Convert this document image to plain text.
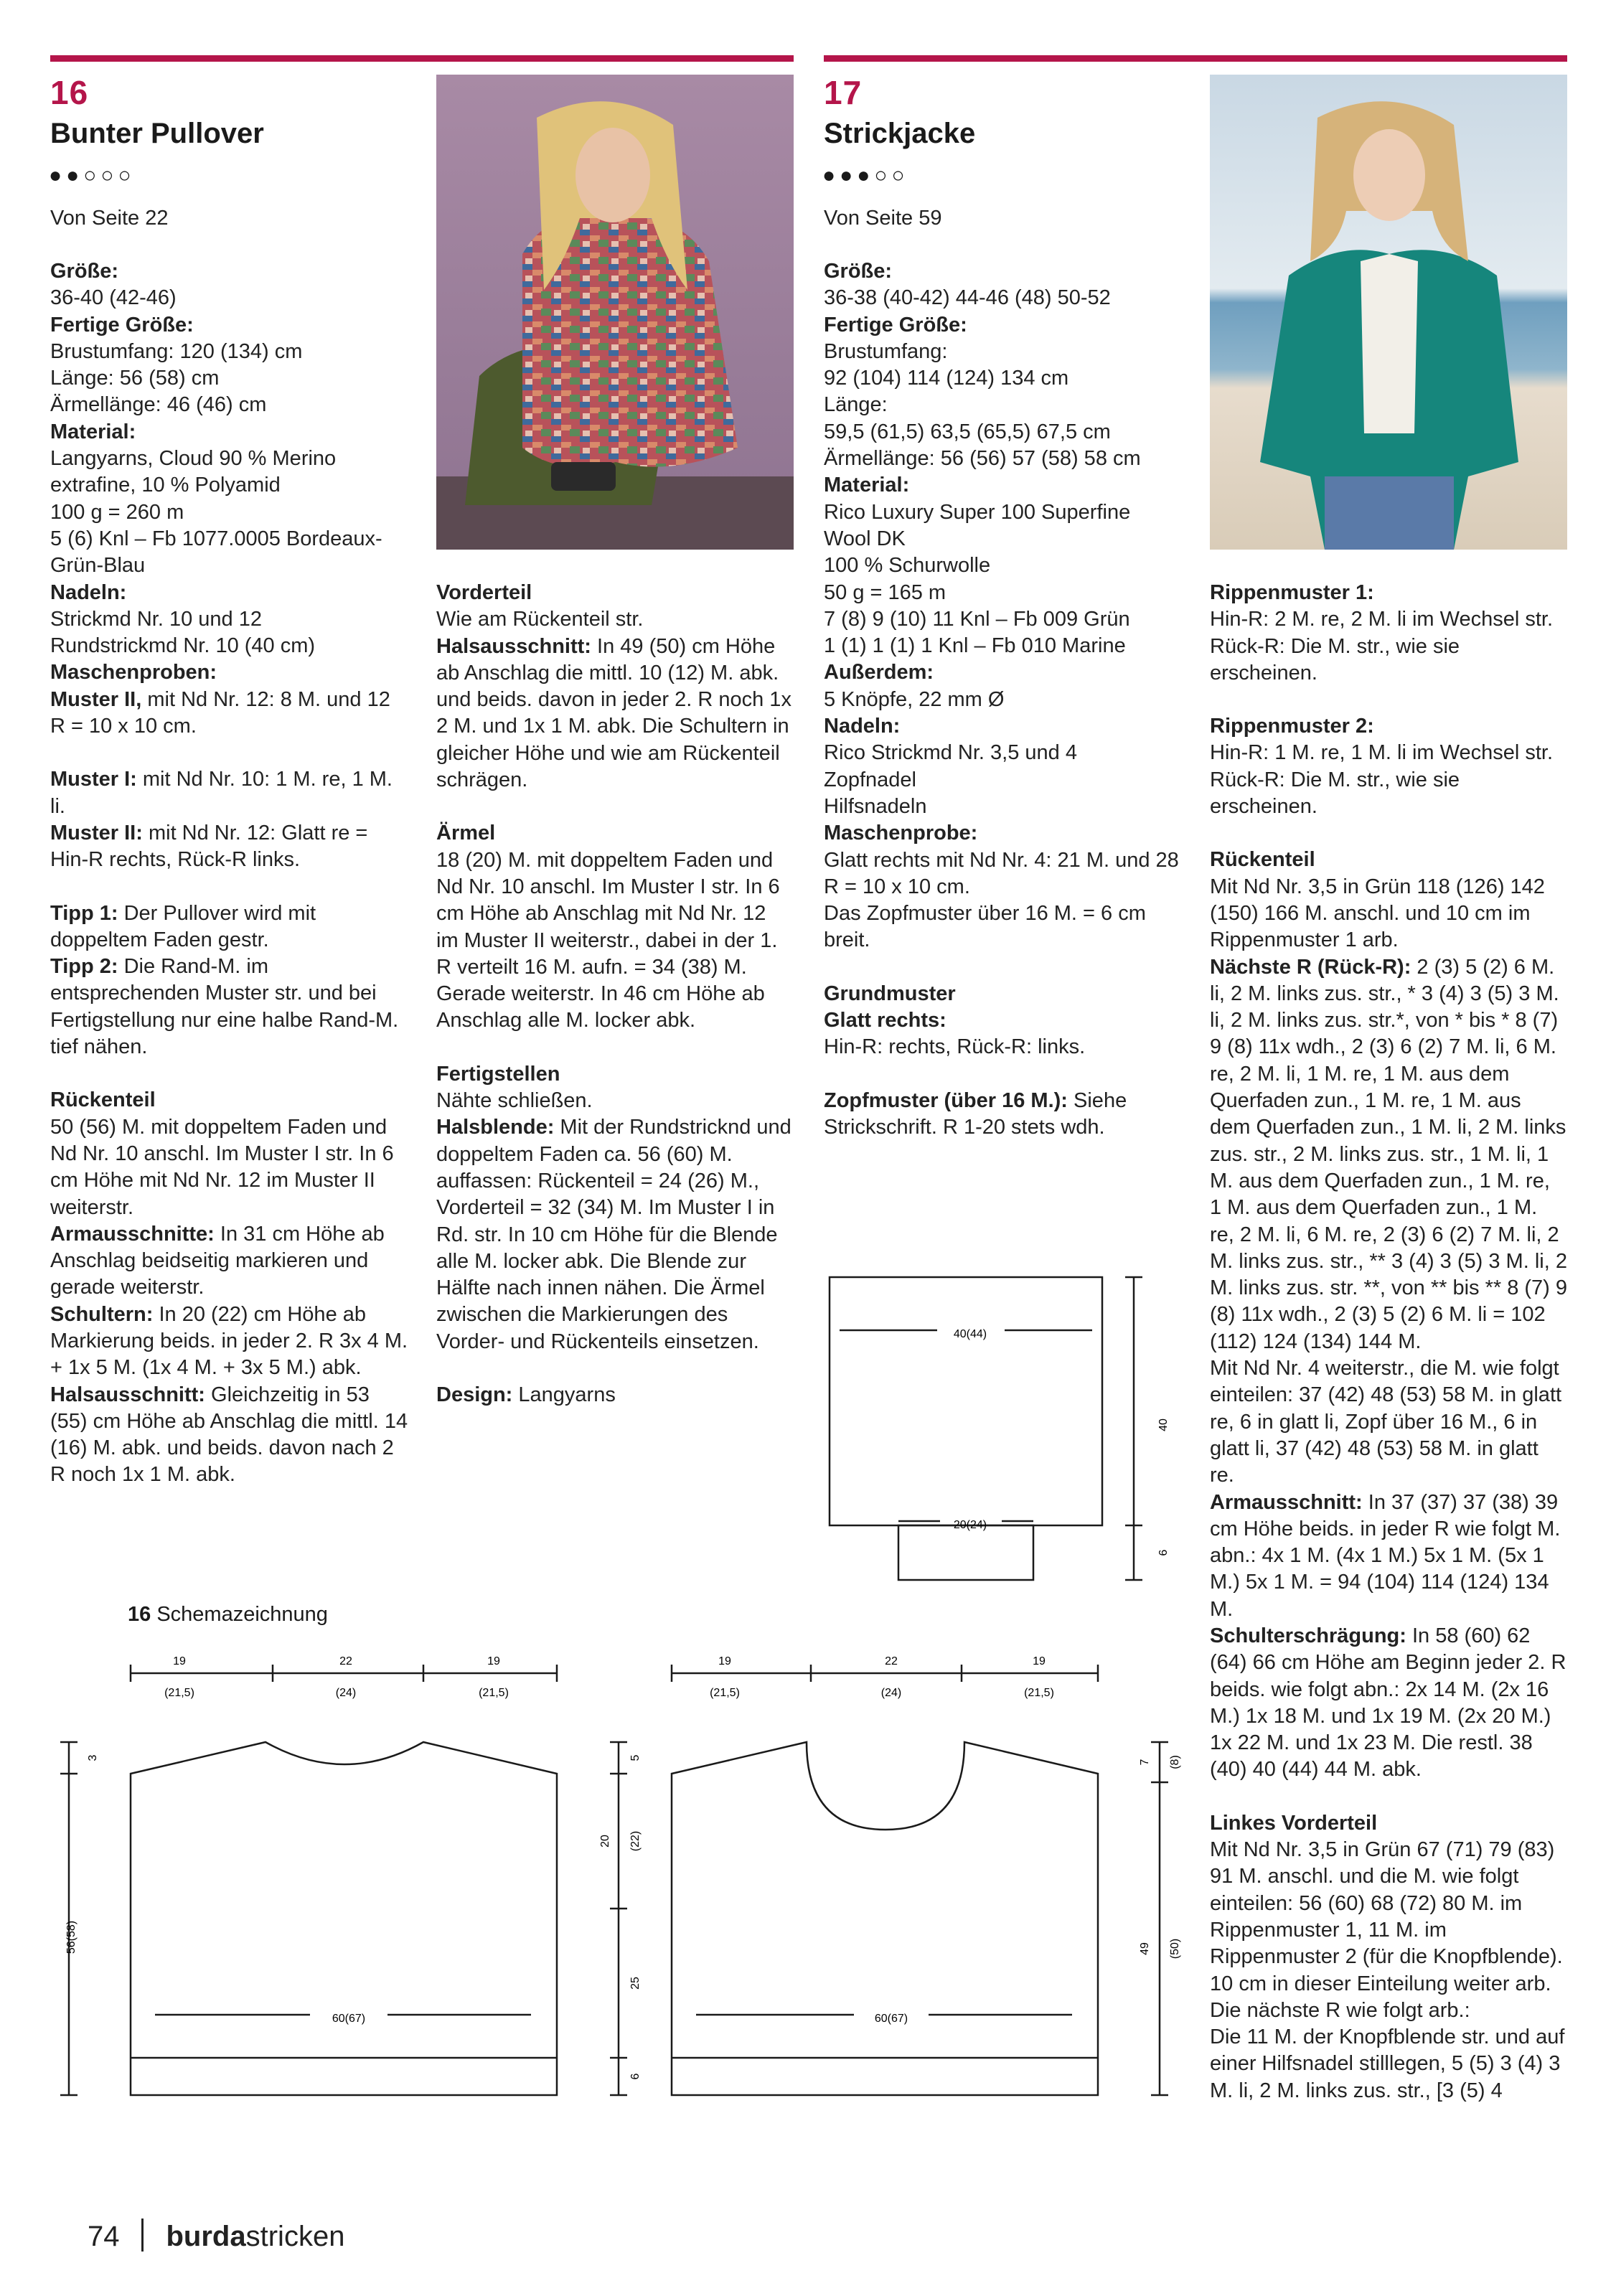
16
Bunter Pullover
●●○○○
Von Seite 22

Größe:

36-40 (42-46)

Fertige Größe:

Brustumfang: 120 (134) cm

Länge: 56 (58) cm

Ärmellänge: 46 (46) cm

Material:

Langyarns, Cloud 90 % Merino extrafine, 10 % Polyamid

100 g = 260 m

5 (6) Knl – Fb 1077.0005 Bordeaux-Grün-Blau

Nadeln:

Strickmd Nr. 10 und 12

Rundstrickmd Nr. 10 (40 cm)

Maschenproben:

Muster II, mit Nd Nr. 12: 8 M. und 12 R = 10 x 10 cm.

Muster I: mit Nd Nr. 10: 1 M. re, 1 M. li.

Muster II: mit Nd Nr. 12: Glatt re = Hin-R rechts, Rück-R links.

Tipp 1: Der Pullover wird mit doppeltem Faden gestr.

Tipp 2: Die Rand-M. im entsprechenden Muster str. und bei Fertigstellung nur eine halbe Rand-M. tief nähen.

Rückenteil

50 (56) M. mit doppeltem Faden und Nd Nr. 10 anschl. Im Muster I str. In 6 cm Höhe mit Nd Nr. 12 im Muster II weiterstr.

Armausschnitte: In 31 cm Höhe ab Anschlag beidseitig markieren und gerade weiterstr.

Schultern: In 20 (22) cm Höhe ab Markierung beids. in jeder 2. R 3x 4 M. + 1x 5 M. (1x 4 M. + 3x 5 M.) abk.

Halsausschnitt: Gleichzeitig in 53 (55) cm Höhe ab Anschlag die mittl. 14 (16) M. abk. und beids. davon nach 2 R noch 1x 1 M. abk.

Vorderteil

Wie am Rückenteil str.

Halsausschnitt: In 49 (50) cm Höhe ab Anschlag die mittl. 10 (12) M. abk. und beids. davon in jeder 2. R noch 1x 2 M. und 1x 1 M. abk. Die Schultern in gleicher Höhe und wie am Rückenteil schrägen.

Ärmel

18 (20) M. mit doppeltem Faden und Nd Nr. 10 anschl. Im Muster I str. In 6 cm Höhe ab Anschlag mit Nd Nr. 12 im Muster II weiterstr., dabei in der 1. R verteilt 16 M. aufn. = 34 (38) M. Gerade weiterstr. In 46 cm Höhe ab Anschlag alle M. locker abk.

Fertigstellen

Nähte schließen.

Halsblende: Mit der Rundstricknd und doppeltem Faden ca. 56 (60) M. auffassen: Rückenteil = 24 (26) M., Vorderteil = 32 (34) M. Im Muster I in Rd. str. In 10 cm Höhe für die Blende alle M. locker abk. Die Blende zur Hälfte nach innen nähen. Die Ärmel zwischen die Markierungen des Vorder- und Rückenteils einsetzen.

Design: Langyarns

17
Strickjacke
●●●○○
Von Seite 59

Größe:

36-38 (40-42) 44-46 (48) 50-52

Fertige Größe:

Brustumfang:

92 (104) 114 (124) 134 cm

Länge:

59,5 (61,5) 63,5 (65,5) 67,5 cm

Ärmellänge: 56 (56) 57 (58) 58 cm

Material:

Rico Luxury Super 100 Superfine Wool DK

100 % Schurwolle

50 g = 165 m

7 (8) 9 (10) 11 Knl – Fb 009 Grün

1 (1) 1 (1) 1 Knl – Fb 010 Marine

Außerdem:

5 Knöpfe, 22 mm Ø

Nadeln:

Rico Strickmd Nr. 3,5 und 4

Zopfnadel

Hilfsnadeln

Maschenprobe:

Glatt rechts mit Nd Nr. 4: 21 M. und 28 R = 10 x 10 cm.

Das Zopfmuster über 16 M. = 6 cm breit.

Grundmuster

Glatt rechts:

Hin-R: rechts, Rück-R: links.

Zopfmuster (über 16 M.): Siehe Strickschrift. R 1-20 stets wdh.

Rippenmuster 1:

Hin-R: 2 M. re, 2 M. li im Wechsel str. Rück-R: Die M. str., wie sie erscheinen.

Rippenmuster 2:

Hin-R: 1 M. re, 1 M. li im Wechsel str. Rück-R: Die M. str., wie sie erscheinen.

Rückenteil

Mit Nd Nr. 3,5 in Grün 118 (126) 142 (150) 166 M. anschl. und 10 cm im Rippenmuster 1 arb.

Nächste R (Rück-R): 2 (3) 5 (2) 6 M. li, 2 M. links zus. str., * 3 (4) 3 (5) 3 M. li, 2 M. links zus. str.*, von * bis * 8 (7) 9 (8) 11x wdh., 2 (3) 6 (2) 7 M. li, 6 M. re, 2 M. li, 1 M. re, 1 M. aus dem Querfaden zun., 1 M. re, 1 M. aus dem Querfaden zun., 1 M. li, 2 M. links zus. str., 2 M. links zus. str., 1 M. li, 1 M. aus dem Querfaden zun., 1 M. re, 1 M. aus dem Querfaden zun., 1 M. re, 2 M. li, 6 M. re, 2 (3) 6 (2) 7 M. li, 2 M. links zus. str., ** 3 (4) 3 (5) 3 M. li, 2 M. links zus. str. **, von ** bis ** 8 (7) 9 (8) 11x wdh., 2 (3) 5 (2) 6 M. li = 102 (112) 124 (134) 144 M.

Mit Nd Nr. 4 weiterstr., die M. wie folgt einteilen: 37 (42) 48 (53) 58 M. in glatt re, 6 in glatt li, Zopf über 16 M., 6 in glatt li, 37 (42) 48 (53) 58 M. in glatt re.

Armausschnitt: In 37 (37) 37 (38) 39 cm Höhe beids. in jeder R wie folgt M. abn.: 4x 1 M. (4x 1 M.) 5x 1 M. (5x 1 M.) 5x 1 M. = 94 (104) 114 (124) 134 M.

Schulterschrägung: In 58 (60) 62 (64) 66 cm Höhe am Beginn jeder 2. R beids. wie folgt abn.: 2x 14 M. (2x 16 M.) 1x 18 M. und 1x 19 M. (2x 20 M.) 1x 22 M. und 1x 23 M. Die restl. 38 (40) 40 (44) 44 M. abk.

Linkes Vorderteil

Mit Nd Nr. 3,5 in Grün 67 (71) 79 (83) 91 M. anschl. und die M. wie folgt einteilen: 56 (60) 68 (72) 80 M. im Rippenmuster 1, 11 M. im Rippenmuster 2 (für die Knopfblende). 10 cm in dieser Einteilung weiter arb. Die nächste R wie folgt arb.:

Die 11 M. der Knopfblende str. und auf einer Hilfsnadel stilllegen, 5 (5) 3 (4) 3 M. li, 2 M. links zus. str., [3 (5) 4

40(44)
20(24)
40
6
16 Schemazeichnung
19
(21,5)
22
(24)
19
(21,5)
60(67)
3
56(58)
5
20 (22)
25
6
19
(21,5)
22
(24)
19
(21,5)
60(67)
7 (8)
49 (50)
74 burdastricken
